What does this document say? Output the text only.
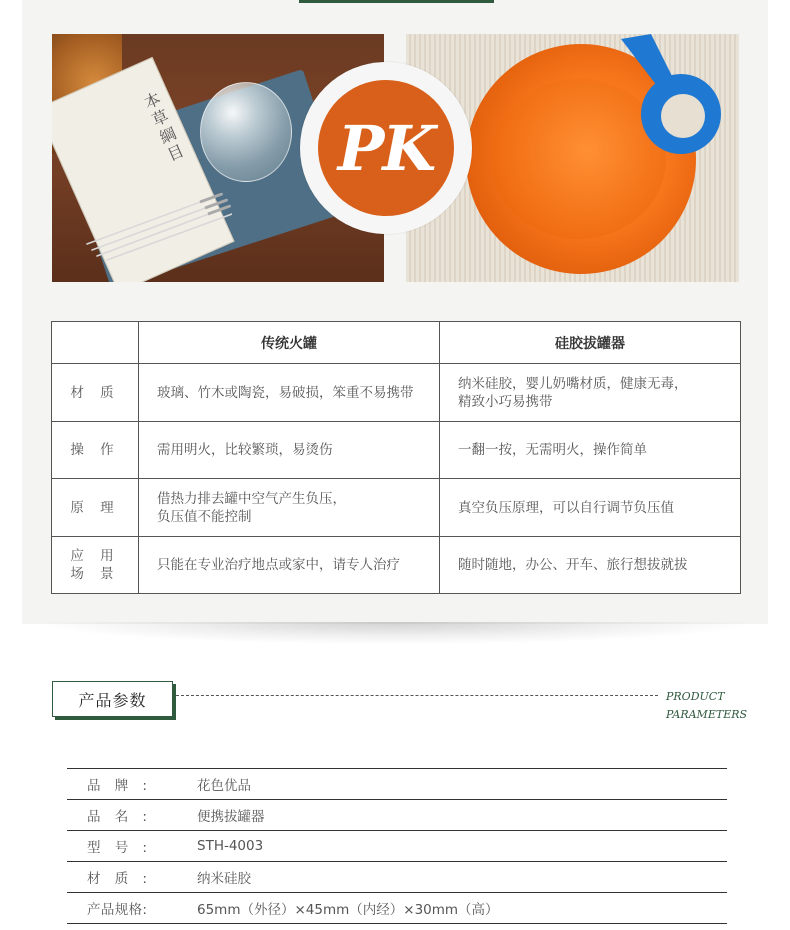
本草綱目	PK
	传统火罐	硅胶拔罐器
材 质	玻璃、竹木或陶瓷，易破损，笨重不易携带	纳米硅胶，婴儿奶嘴材质，健康无毒，
精致小巧易携带
操 作	需用明火，比较繁琐，易烫伤	一翻一按，无需明火，操作简单
原 理	借热力排去罐中空气产生负压，
负压值不能控制	真空负压原理，可以自行调节负压值
应 用
场 景	只能在专业治疗地点或家中，请专人治疗	随时随地，办公、开车、旅行想拔就拔
产品参数	PRODUCT
PARAMETERS
品牌:	花色优品
品名:	便携拔罐器
型号:	STH-4003
材质:	纳米硅胶
产品规格:	65mm（外径）×45mm（内经）×30mm（高）
